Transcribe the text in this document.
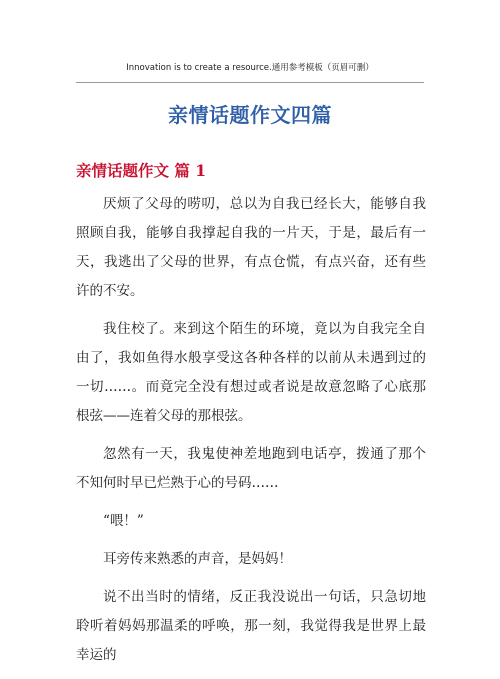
Innovation is to create a resource.通用参考模板（页眉可删）
亲情话题作文四篇
亲情话题作文 篇 1

厌烦了父母的唠叨，总以为自我已经长大，能够自我照顾自我，能够自我撑起自我的一片天，于是，最后有一天，我逃出了父母的世界，有点仓慌，有点兴奋，还有些许的不安。

我住校了。来到这个陌生的环境，竟以为自我完全自由了，我如鱼得水般享受这各种各样的以前从未遇到过的一切……。而竟完全没有想过或者说是故意忽略了心底那根弦——连着父母的那根弦。

忽然有一天，我鬼使神差地跑到电话亭，拨通了那个不知何时早已烂熟于心的号码……

“喂！”

耳旁传来熟悉的声音，是妈妈！

说不出当时的情绪，反正我没说出一句话，只急切地聆听着妈妈那温柔的呼唤，那一刻，我觉得我是世界上最幸运的
